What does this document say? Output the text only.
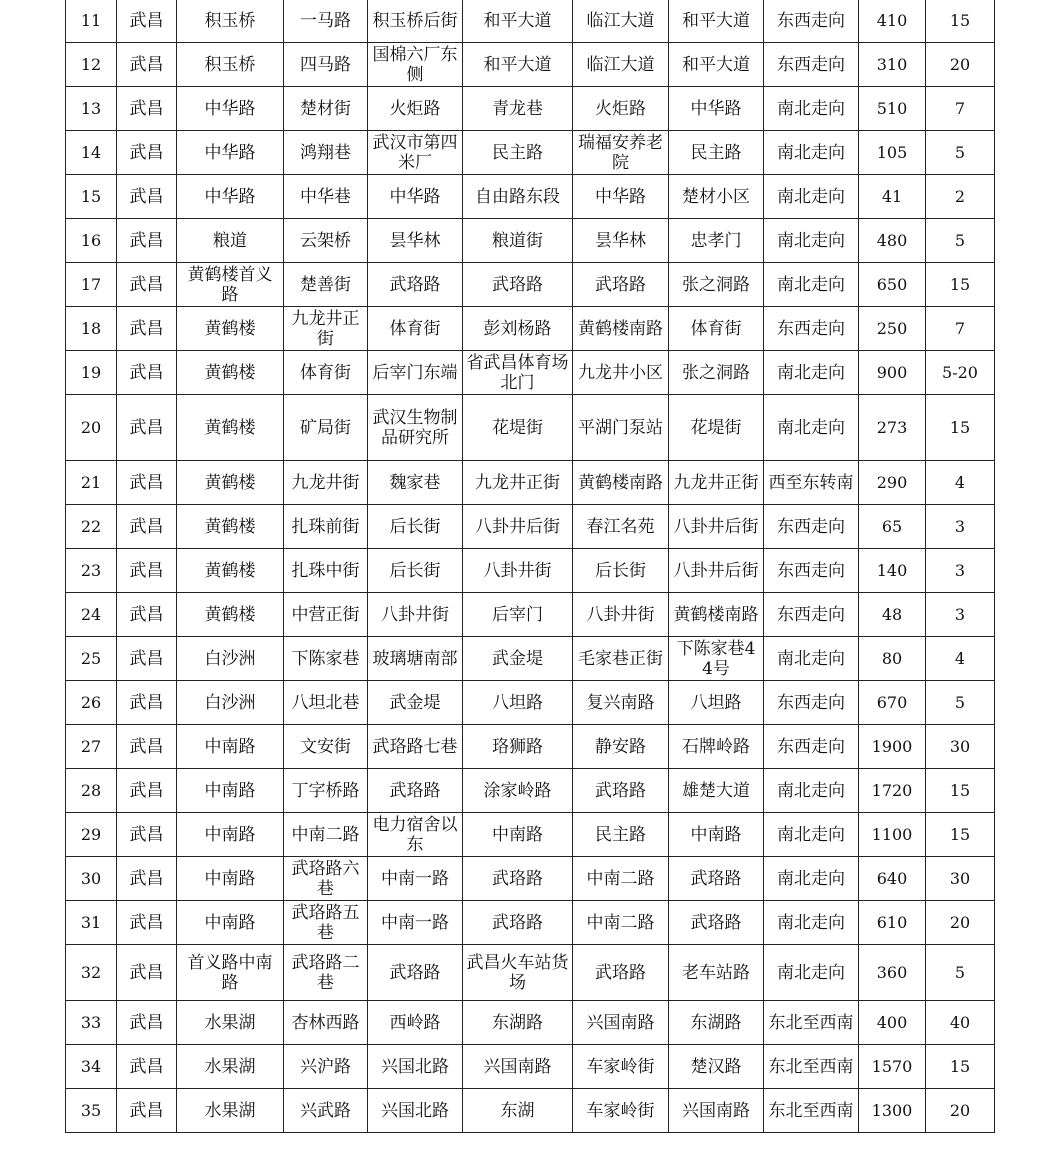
11	武昌	积玉桥	一马路	积玉桥后街	和平大道	临江大道	和平大道	东西走向	410	15
12	武昌	积玉桥	四马路	国棉六厂东侧	和平大道	临江大道	和平大道	东西走向	310	20
13	武昌	中华路	楚材街	火炬路	青龙巷	火炬路	中华路	南北走向	510	7
14	武昌	中华路	鸿翔巷	武汉市第四米厂	民主路	瑞福安养老院	民主路	南北走向	105	5
15	武昌	中华路	中华巷	中华路	自由路东段	中华路	楚材小区	南北走向	41	2
16	武昌	粮道	云架桥	昙华林	粮道街	昙华林	忠孝门	南北走向	480	5
17	武昌	黄鹤楼首义路	楚善街	武珞路	武珞路	武珞路	张之洞路	南北走向	650	15
18	武昌	黄鹤楼	九龙井正街	体育街	彭刘杨路	黄鹤楼南路	体育街	东西走向	250	7
19	武昌	黄鹤楼	体育街	后宰门东端	省武昌体育场北门	九龙井小区	张之洞路	南北走向	900	5-20
20	武昌	黄鹤楼	矿局街	武汉生物制品研究所	花堤街	平湖门泵站	花堤街	南北走向	273	15
21	武昌	黄鹤楼	九龙井街	魏家巷	九龙井正街	黄鹤楼南路	九龙井正街	西至东转南	290	4
22	武昌	黄鹤楼	扎珠前街	后长街	八卦井后街	春江名苑	八卦井后街	东西走向	65	3
23	武昌	黄鹤楼	扎珠中街	后长街	八卦井街	后长街	八卦井后街	东西走向	140	3
24	武昌	黄鹤楼	中营正街	八卦井街	后宰门	八卦井街	黄鹤楼南路	东西走向	48	3
25	武昌	白沙洲	下陈家巷	玻璃塘南部	武金堤	毛家巷正街	下陈家巷44号	南北走向	80	4
26	武昌	白沙洲	八坦北巷	武金堤	八坦路	复兴南路	八坦路	东西走向	670	5
27	武昌	中南路	文安街	武珞路七巷	珞狮路	静安路	石牌岭路	东西走向	1900	30
28	武昌	中南路	丁字桥路	武珞路	涂家岭路	武珞路	雄楚大道	南北走向	1720	15
29	武昌	中南路	中南二路	电力宿舍以东	中南路	民主路	中南路	南北走向	1100	15
30	武昌	中南路	武珞路六巷	中南一路	武珞路	中南二路	武珞路	南北走向	640	30
31	武昌	中南路	武珞路五巷	中南一路	武珞路	中南二路	武珞路	南北走向	610	20
32	武昌	首义路中南路	武珞路二巷	武珞路	武昌火车站货场	武珞路	老车站路	南北走向	360	5
33	武昌	水果湖	杏林西路	西岭路	东湖路	兴国南路	东湖路	东北至西南	400	40
34	武昌	水果湖	兴沪路	兴国北路	兴国南路	车家岭街	楚汉路	东北至西南	1570	15
35	武昌	水果湖	兴武路	兴国北路	东湖	车家岭街	兴国南路	东北至西南	1300	20
